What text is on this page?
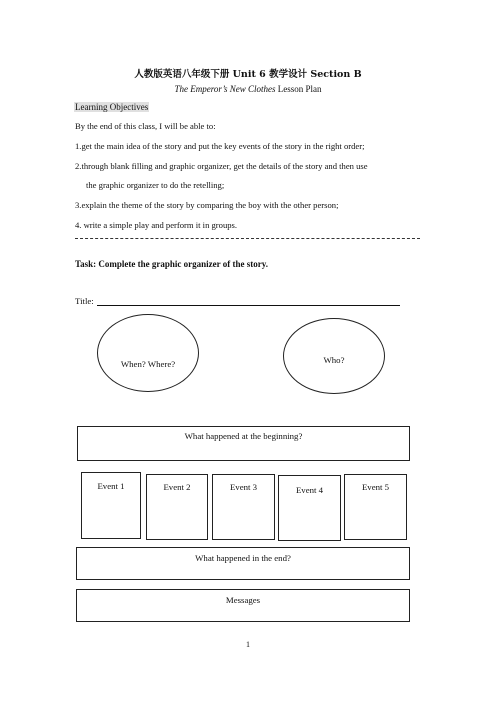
人教版英语八年级下册 Unit 6 教学设计 Section B
The Emperor’s New Clothes Lesson Plan
Learning Objectives
By the end of this class, I will be able to:
1.get the main idea of the story and put the key events of the story in the right order;
2.through blank filling and graphic organizer, get the details of the story and then use
the graphic organizer to do the retelling;
3.explain the theme of the story by comparing the boy with the other person;
4. write a simple play and perform it in groups.
Task: Complete the graphic organizer of the story.
Title:
When? Where?	Who?
What happened at the beginning?
Event 1	Event 2	Event 3	Event 4	Event 5
What happened in the end?
Messages
1
